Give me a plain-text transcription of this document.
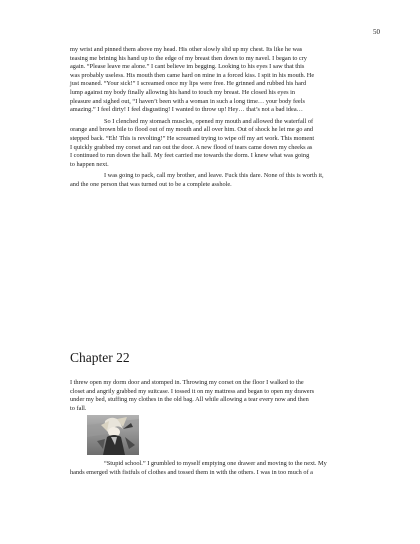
50

my wrist and pinned them above my head. His other slowly slid up my chest. Its like he was
teasing me brining his hand up to the edge of my breast then down to my navel. I began to cry
again. “Please leave me alone.” I cant believe im begging. Looking to his eyes I saw that this
was probably useless. His mouth then came hard on mine in a forced kiss. I spit in his mouth. He
just moaned. “Your sick!” I screamed once my lips were free. He grinned and rubbed his hard
lump against my body finally allowing his hand to touch my breast. He closed his eyes in
pleasure and sighed out, “I haven’t been with a woman in such a long time… your body feels
amazing.” I feel dirty! I feel disgusting! I wanted to throw up! Hey… that’s not a bad idea…

So I clenched my stomach muscles, opened my mouth and allowed the waterfall of
orange and brown bile to flood out of my mouth and all over him. Out of shock he let me go and
stepped back. “Eh! This is revolting!” He screamed trying to wipe off my art work. This moment
I quickly grabbed my corset and ran out the door. A new flood of tears came down my cheeks as
I continued to run down the hall. My feet carried me towards the dorm. I knew what was going
to happen next.

I was going to pack, call my brother, and leave. Fuck this dare. None of this is worth it,
and the one person that was turned out to be a complete asshole.

Chapter 22

I threw open my dorm door and stomped in. Throwing my corset on the floor I walked to the
closet and angrily grabbed my suitcase. I tossed it on my mattress and began to open my drawers
under my bed, stuffing my clothes in the old bag. All while allowing a tear every now and then
to fall.

“Stupid school.” I grumbled to myself emptying one drawer and moving to the next. My
hands emerged with fistfuls of clothes and tossed them in with the others. I was in too much of a
